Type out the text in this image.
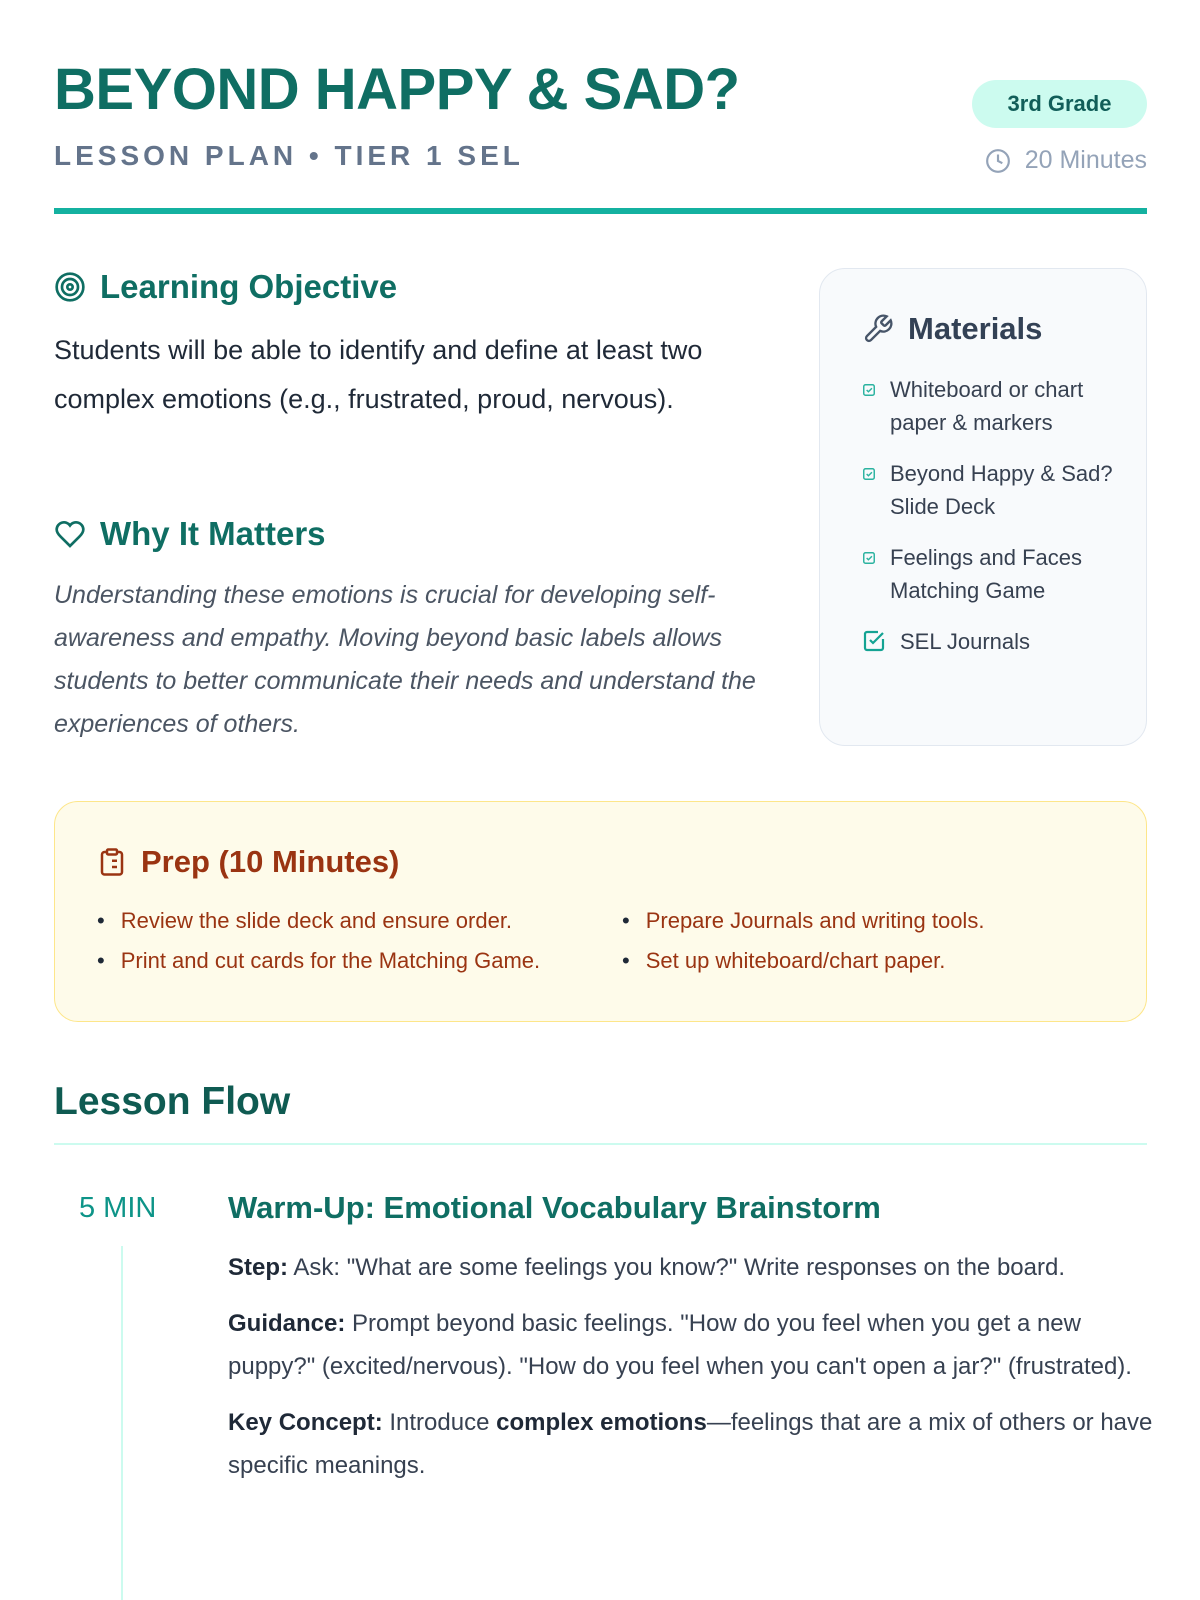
BEYOND HAPPY & SAD?
LESSON PLAN • TIER 1 SEL
3rd Grade
20 Minutes
Learning Objective
Students will be able to identify and define at least two complex emotions (e.g., frustrated, proud, nervous).
Why It Matters
Understanding these emotions is crucial for developing self-awareness and empathy. Moving beyond basic labels allows students to better communicate their needs and understand the experiences of others.
Materials
Whiteboard or chart paper & markers
Beyond Happy & Sad? Slide Deck
Feelings and Faces Matching Game
SEL Journals
Prep (10 Minutes)
• Review the slide deck and ensure order.	• Prepare Journals and writing tools.
• Print and cut cards for the Matching Game.	• Set up whiteboard/chart paper.
Lesson Flow
5 MIN Warm-Up: Emotional Vocabulary Brainstorm

Step: Ask: "What are some feelings you know?" Write responses on the board.

Guidance: Prompt beyond basic feelings. "How do you feel when you get a new puppy?" (excited/nervous). "How do you feel when you can't open a jar?" (frustrated).

Key Concept: Introduce complex emotions—feelings that are a mix of others or have specific meanings.
